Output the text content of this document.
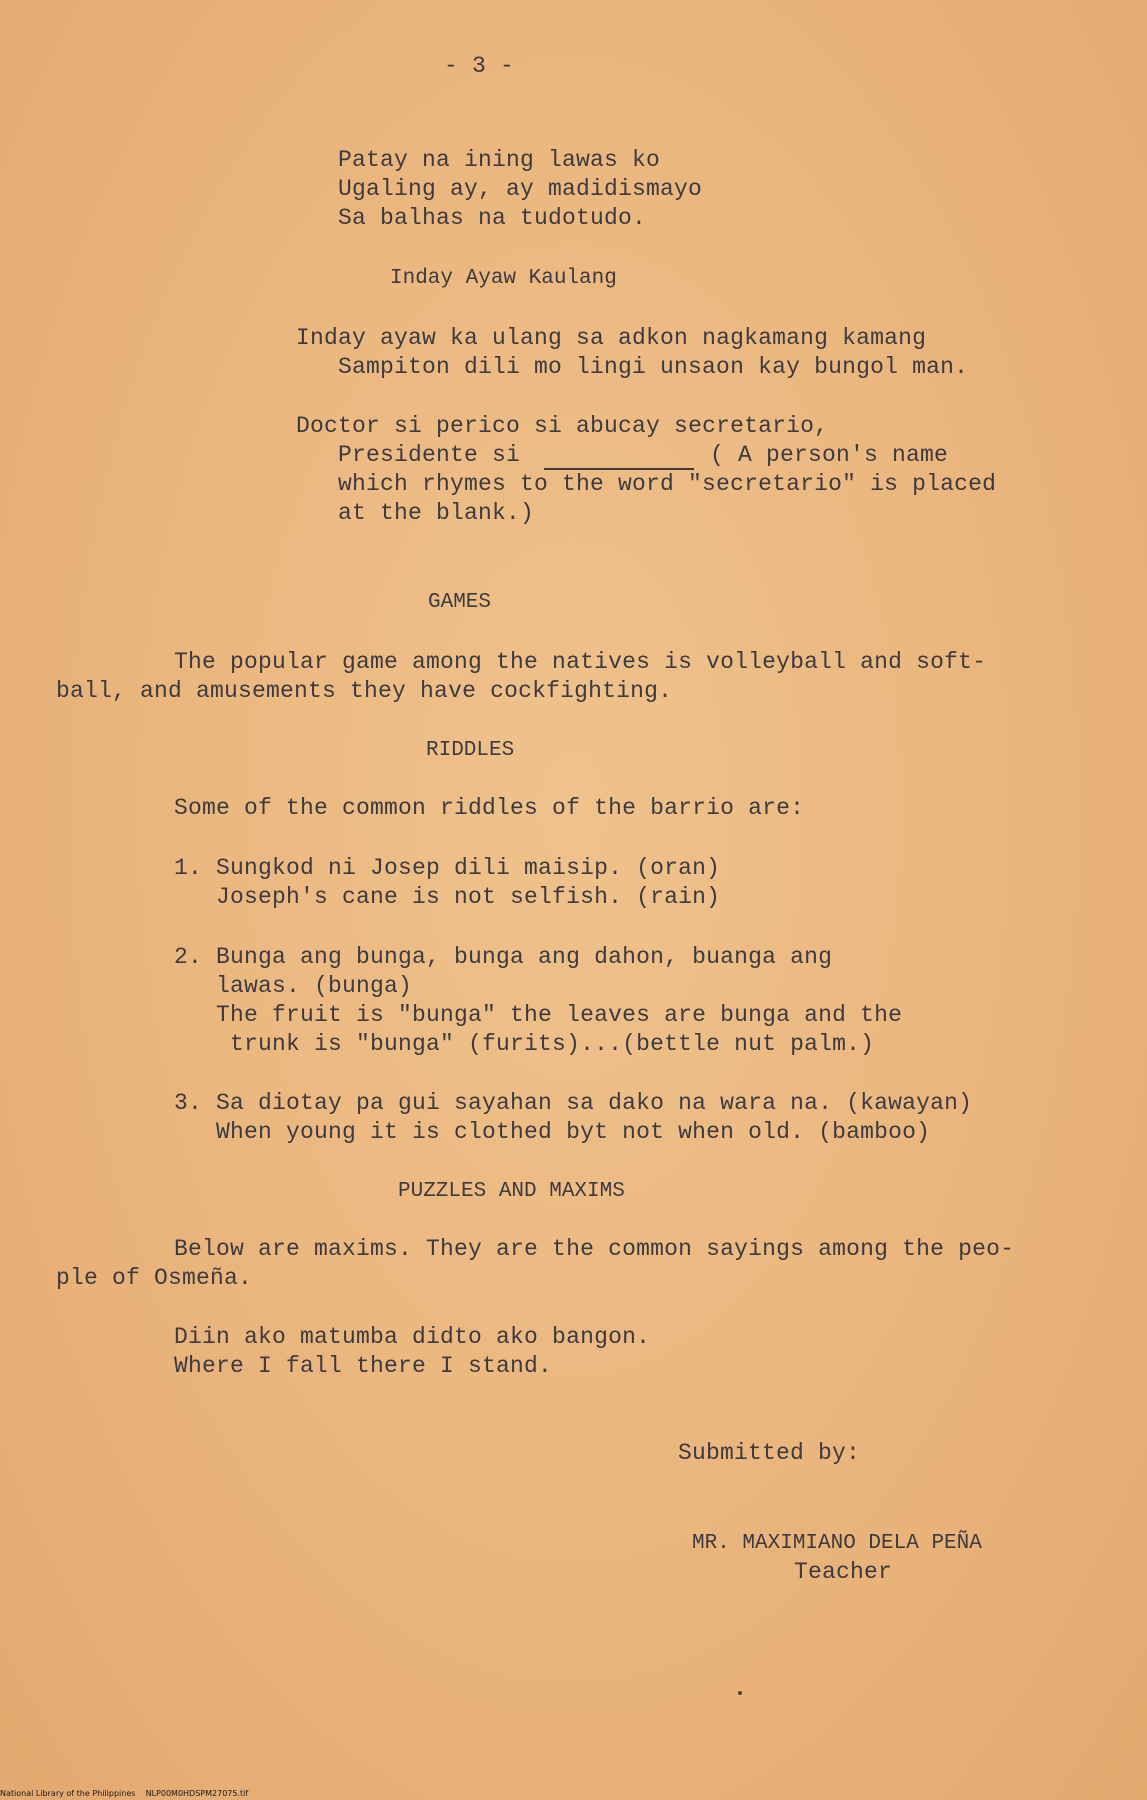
- 3 -
Patay na ining lawas ko
Ugaling ay, ay madidismayo
Sa balhas na tudotudo.
Inday Ayaw Kaulang
Inday ayaw ka ulang sa adkon nagkamang kamang
Sampiton dili mo lingi unsaon kay bungol man.
Doctor si perico si abucay secretario,
Presidente si	( A person's name
which rhymes to the word "secretario" is placed
at the blank.)
GAMES
The popular game among the natives is volleyball and soft-
ball, and amusements they have cockfighting.
RIDDLES
Some of the common riddles of the barrio are:
1. Sungkod ni Josep dili maisip. (oran)
Joseph's cane is not selfish. (rain)
2. Bunga ang bunga, bunga ang dahon, buanga ang
lawas. (bunga)
The fruit is "bunga" the leaves are bunga and the
trunk is "bunga" (furits)...(bettle nut palm.)
3. Sa diotay pa gui sayahan sa dako na wara na. (kawayan)
When young it is clothed byt not when old. (bamboo)
PUZZLES AND MAXIMS
Below are maxims. They are the common sayings among the peo-
ple of Osmeña.
Diin ako matumba didto ako bangon.
Where I fall there I stand.
Submitted by:
MR. MAXIMIANO DELA PEÑA
Teacher
National Library of the Philippines    NLP00M0HDSPM27075.tif
